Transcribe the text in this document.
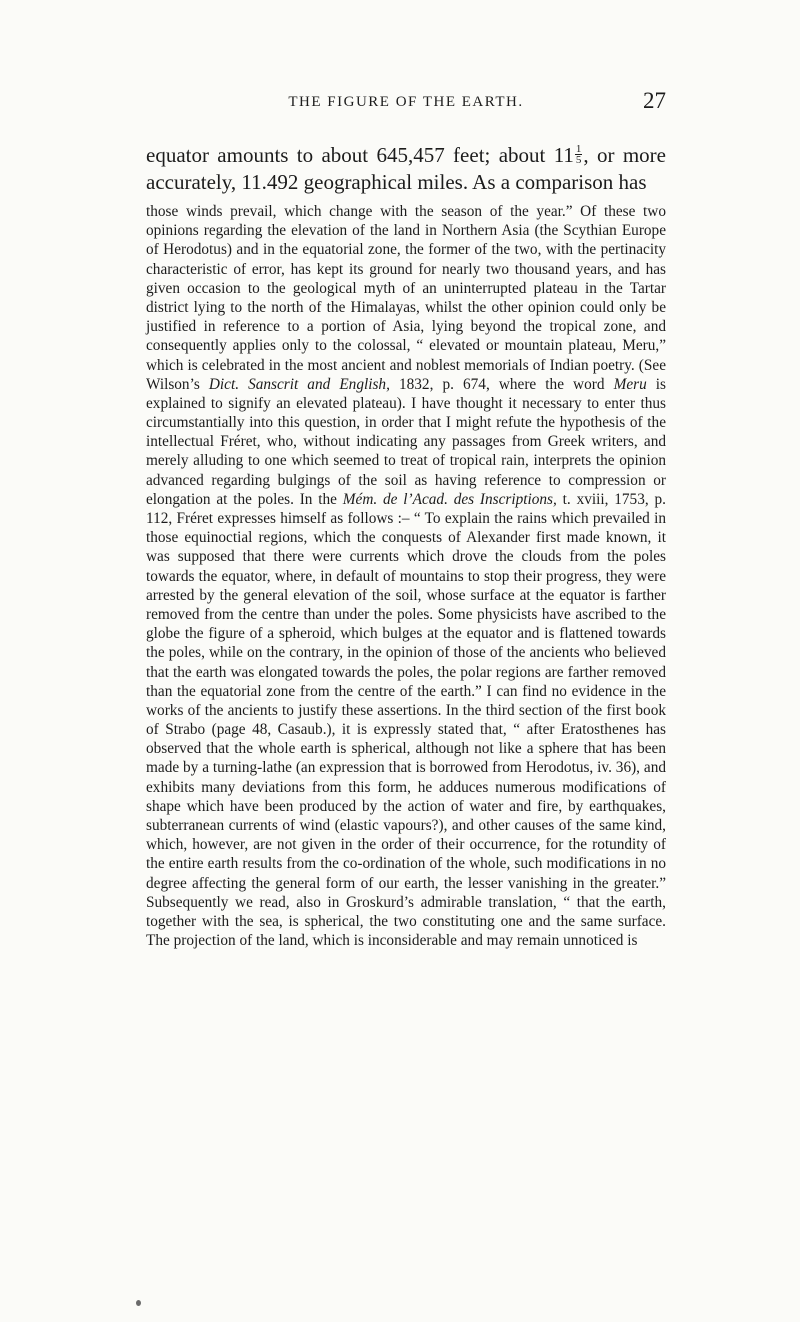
THE FIGURE OF THE EARTH.	27

equator amounts to about 645,457 feet; about $11 \frac{1}{5}$ , or more accurately, 11.492 geographical miles. As a comparison has

those winds prevail, which change with the season of the year.” Of these two opinions regarding the elevation of the land in Northern Asia (the Scythian Europe of Herodotus) and in the equatorial zone, the former of the two, with the pertinacity characteristic of error, has kept its ground for nearly two thousand years, and has given occasion to the geological myth of an uninterrupted plateau in the Tartar district lying to the north of the Himalayas, whilst the other opinion could only be justified in reference to a portion of Asia, lying beyond the tropical zone, and consequently applies only to the colossal, “ elevated or mountain plateau, Meru,” which is celebrated in the most ancient and noblest memorials of Indian poetry. (See Wilson’s Dict. Sanscrit and English, 1832, p. 674, where the word Meru is explained to signify an elevated plateau). I have thought it necessary to enter thus circumstantially into this question, in order that I might refute the hypothesis of the intellectual Fréret, who, without indicating any passages from Greek writers, and merely alluding to one which seemed to treat of tropical rain, interprets the opinion advanced regarding bulgings of the soil as having reference to compression or elongation at the poles. In the Mém. de l’Acad. des Inscriptions, t. xviii, 1753, p. 112, Fréret expresses himself as follows :– “ To explain the rains which prevailed in those equinoctial regions, which the conquests of Alexander first made known, it was supposed that there were currents which drove the clouds from the poles towards the equator, where, in default of mountains to stop their progress, they were arrested by the general elevation of the soil, whose surface at the equator is farther removed from the centre than under the poles. Some physicists have ascribed to the globe the figure of a spheroid, which bulges at the equator and is flattened towards the poles, while on the contrary, in the opinion of those of the ancients who believed that the earth was elongated towards the poles, the polar regions are farther removed than the equatorial zone from the centre of the earth.” I can find no evidence in the works of the ancients to justify these assertions. In the third section of the first book of Strabo (page 48, Casaub.), it is expressly stated that, “ after Eratosthenes has observed that the whole earth is spherical, although not like a sphere that has been made by a turning-lathe (an expression that is borrowed from Herodotus, iv. 36), and exhibits many deviations from this form, he adduces numerous modifications of shape which have been produced by the action of water and fire, by earthquakes, subterranean currents of wind (elastic vapours?), and other causes of the same kind, which, however, are not given in the order of their occurrence, for the rotundity of the entire earth results from the co-ordination of the whole, such modifications in no degree affecting the general form of our earth, the lesser vanishing in the greater.” Subsequently we read, also in Groskurd’s admirable translation, “ that the earth, together with the sea, is spherical, the two constituting one and the same surface. The projection of the land, which is inconsiderable and may remain unnoticed is
